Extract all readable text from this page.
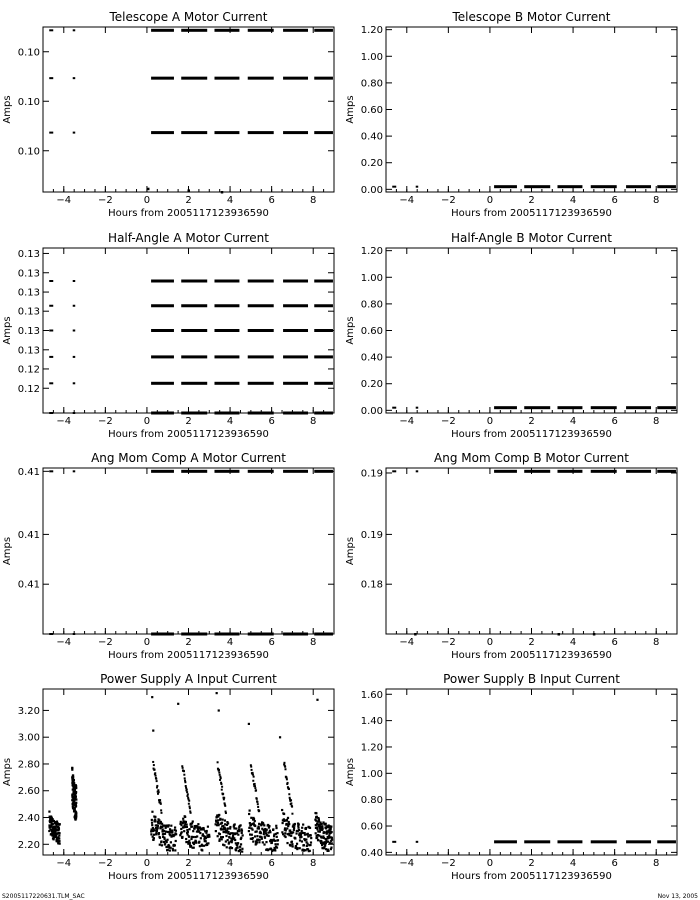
Telescope A Motor Current
−4	−2	0	2	4	6	8
0.10
0.10
0.10
Hours from 2005117123936590
Amps
Telescope B Motor Current
−4	−2	0	2	4	6	8
0.00
0.20
0.40
0.60
0.80
1.00
1.20
Hours from 2005117123936590
Amps
Half-Angle A Motor Current
−4	−2	0	2	4	6	8
0.12
0.12
0.13
0.13
0.13
0.13
0.13
0.13
Hours from 2005117123936590
Amps
Half-Angle B Motor Current
−4	−2	0	2	4	6	8
0.00
0.20
0.40
0.60
0.80
1.00
1.20
Hours from 2005117123936590
Amps
Ang Mom Comp A Motor Current
−4	−2	0	2	4	6	8
0.41
0.41
0.41
Hours from 2005117123936590
Amps
Ang Mom Comp B Motor Current
−4	−2	0	2	4	6	8
0.18
0.19
0.19
Hours from 2005117123936590
Amps
Power Supply A Input Current
−4	−2	0	2	4	6	8
2.20
2.40
2.60
2.80
3.00
3.20
Hours from 2005117123936590
Amps
Power Supply B Input Current
−4	−2	0	2	4	6	8
0.40
0.60
0.80
1.00
1.20
1.40
1.60
Hours from 2005117123936590
Amps
S2005117220631.TLM_SAC	Nov 13, 2005
